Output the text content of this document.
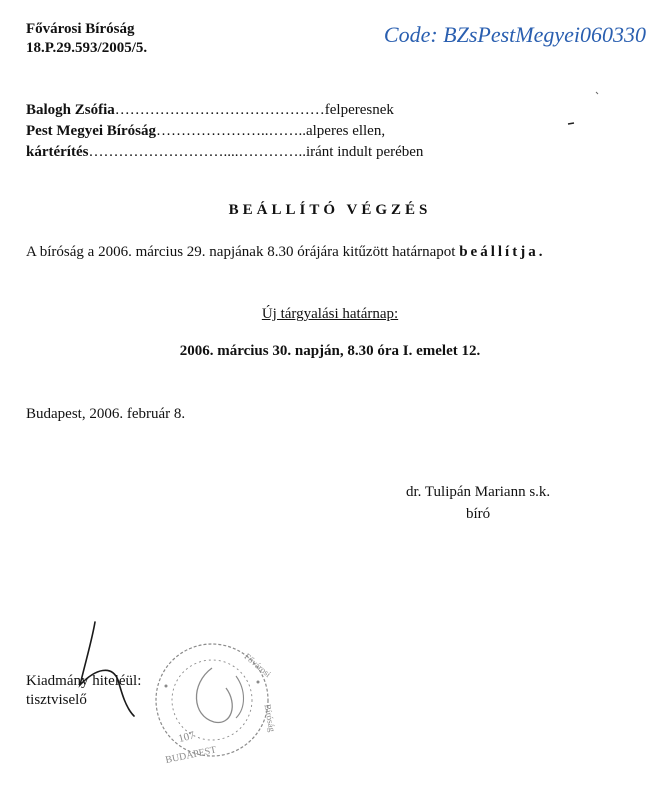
Fővárosi Bíróság
18.P.29.593/2005/5.
Code: BZsPestMegyei060330
Balogh Zsófia……………………………………felperesnek
Pest Megyei Bíróság…………………..……..alperes ellen,
kártérítés………………………....…………..iránt indult perében
BEÁLLÍTÓ VÉGZÉS
A bíróság a 2006. március 29. napjának 8.30 órájára kitűzött határnapot beállítja.
Új tárgyalási határnap:
2006. március 30. napján, 8.30 óra I. emelet 12.
Budapest, 2006. február 8.
dr. Tulipán Mariann s.k.
bíró
Kiadmány hiteléül:
tisztviselő
107
BUDAPEST
Fővárosi
Bíróság
